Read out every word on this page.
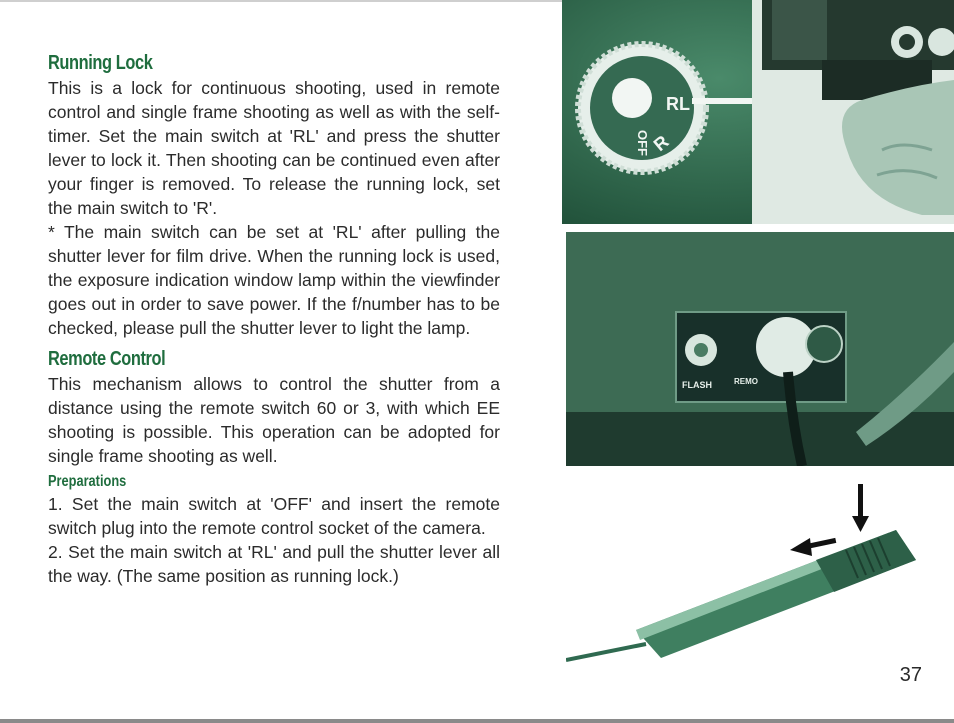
Running Lock

This is a lock for continuous shooting, used in remote control and single frame shooting as well as with the self-timer. Set the main switch at 'RL' and press the shutter lever to lock it. Then shooting can be continued even after your finger is removed. To release the running lock, set the main switch to 'R'.

* The main switch can be set at 'RL' after pulling the shutter lever for film drive. When the running lock is used, the exposure indication window lamp within the viewfinder goes out in order to save power. If the f/number has to be checked, please pull the shutter lever to light the lamp.

Remote Control

This mechanism allows to control the shutter from a distance using the remote switch 60 or 3, with which EE shooting is possible. This operation can be adopted for single frame shooting as well.

Preparations

1. Set the main switch at 'OFF' and insert the remote switch plug into the remote control socket of the camera.

2. Set the main switch at 'RL' and pull the shutter lever all the way. (The same position as running lock.)

RL
R
OFF
FLASH	REMO
37
